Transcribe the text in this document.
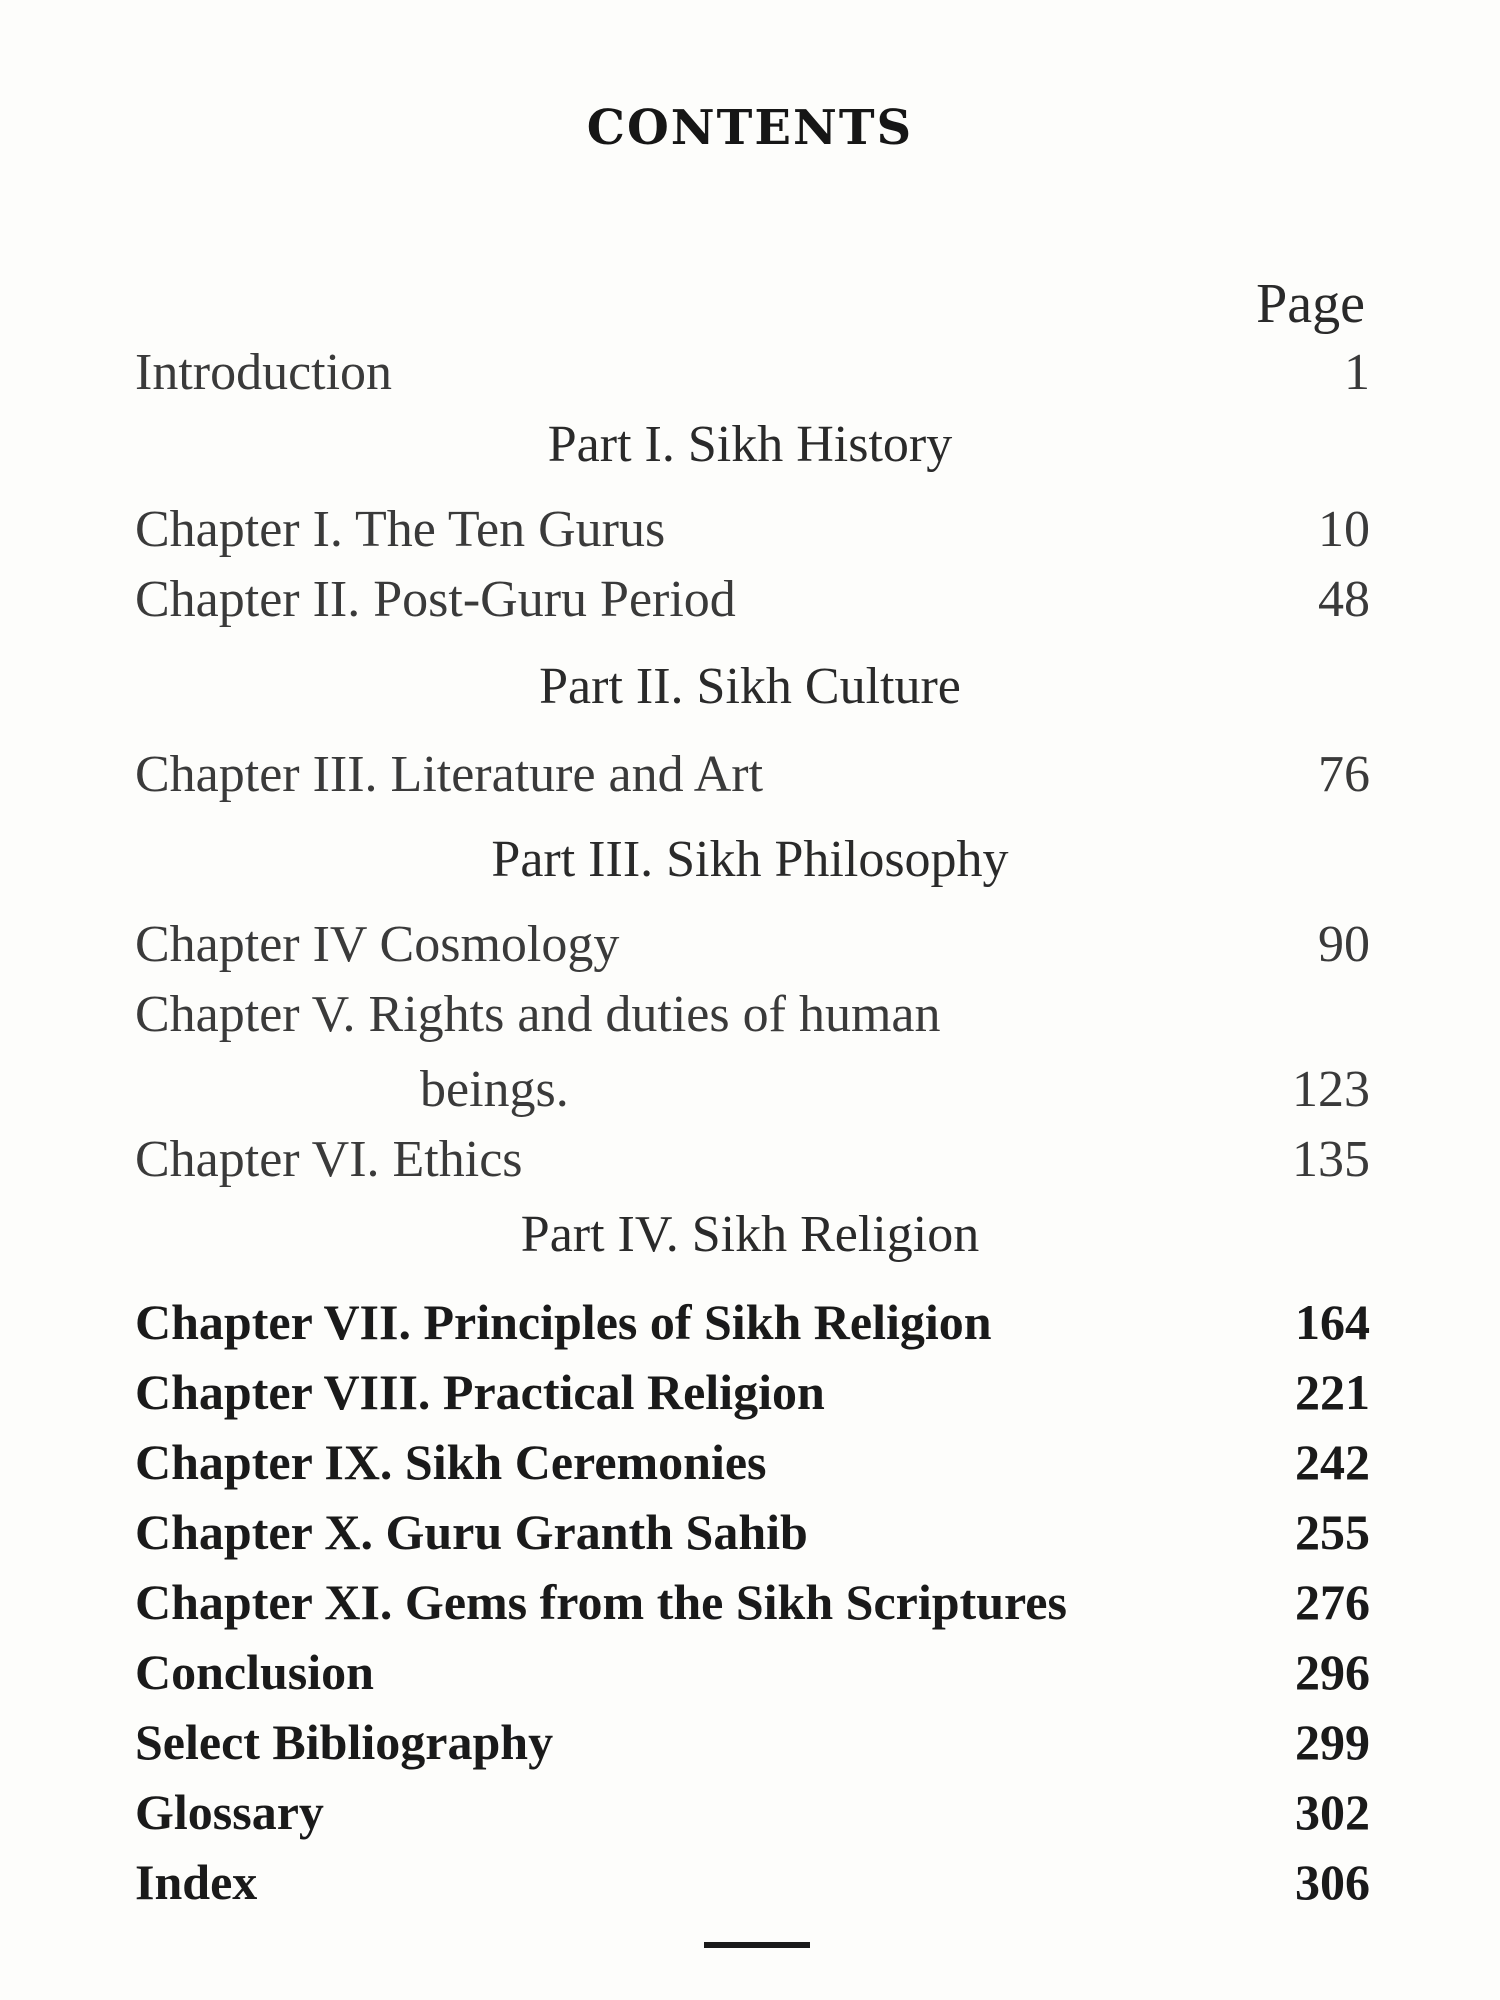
CONTENTS
Page
Introduction	1
Part I. Sikh History
Chapter I. The Ten Gurus	10
Chapter II. Post-Guru Period	48
Part II. Sikh Culture
Chapter III. Literature and Art	76
Part III. Sikh Philosophy
Chapter IV Cosmology	90
Chapter V. Rights and duties of human
beings.	123
Chapter VI. Ethics	135
Part IV. Sikh Religion
Chapter VII. Principles of Sikh Religion	164
Chapter VIII. Practical Religion	221
Chapter IX. Sikh Ceremonies	242
Chapter X. Guru Granth Sahib	255
Chapter XI. Gems from the Sikh Scriptures	276
Conclusion	296
Select Bibliography	299
Glossary	302
Index	306
